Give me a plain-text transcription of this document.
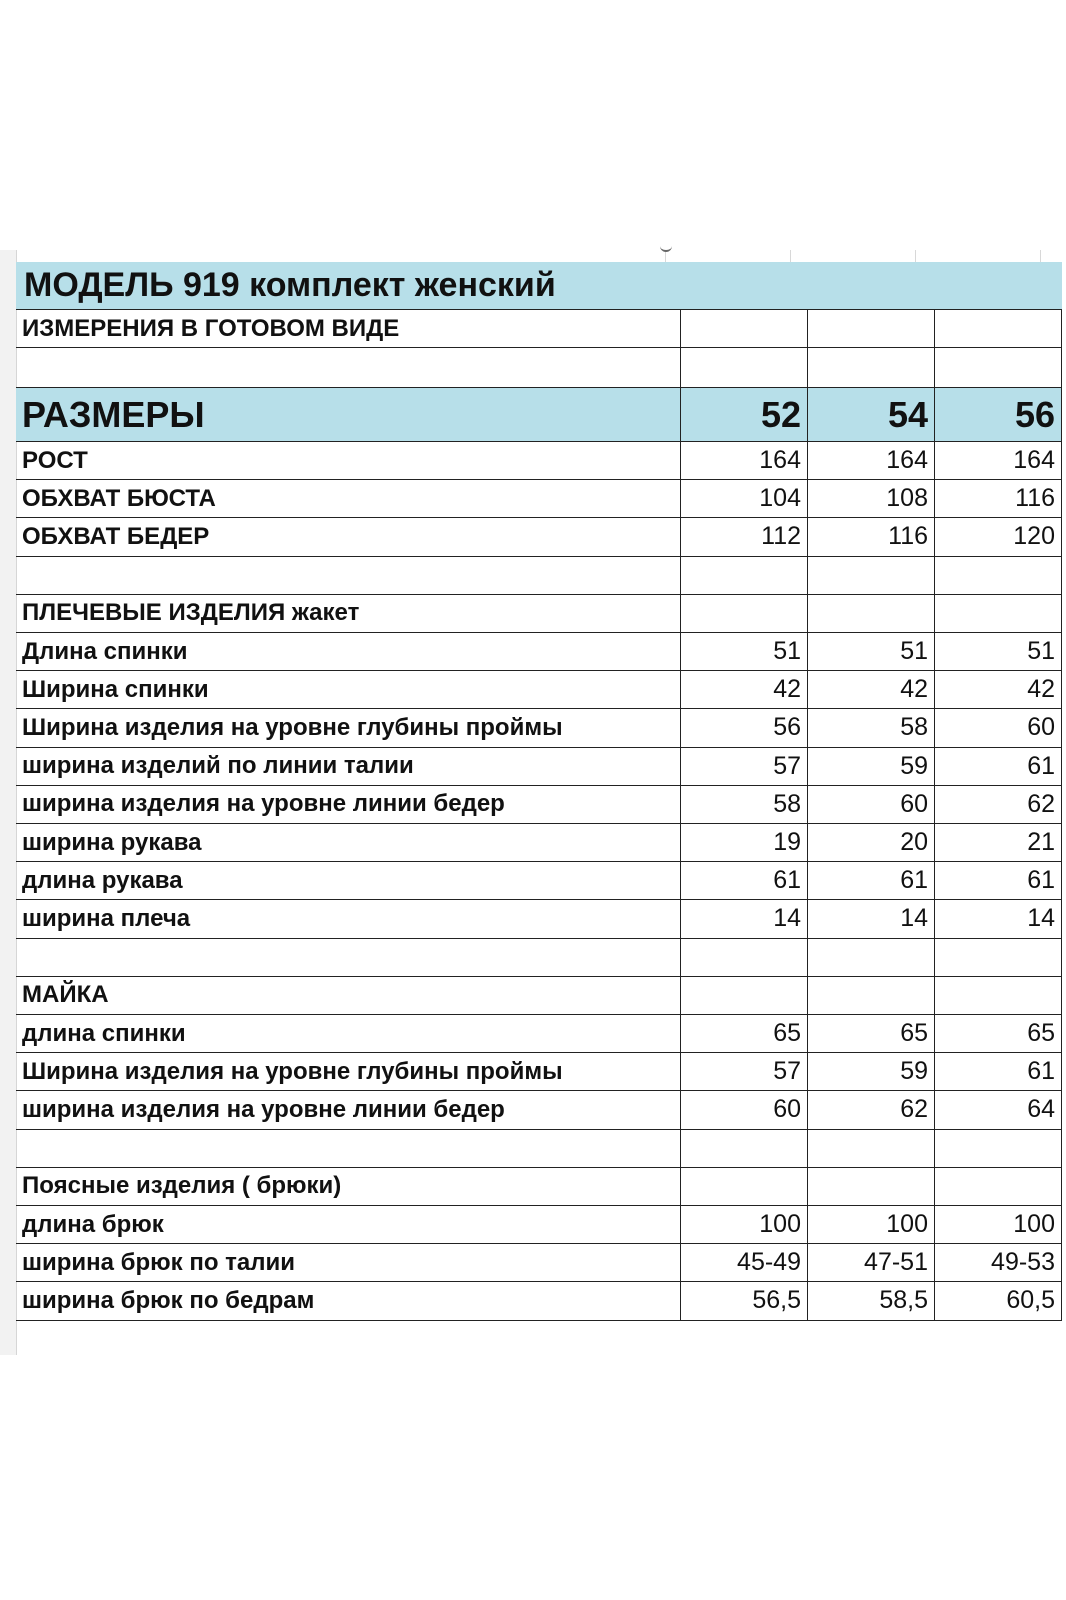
МОДЕЛЬ 919 комплект женский
ИЗМЕРЕНИЯ В ГОТОВОМ ВИДЕ
РАЗМЕРЫ	52	54	56
РОСТ	164	164	164
ОБХВАТ БЮСТА	104	108	116
ОБХВАТ БЕДЕР	112	116	120
ПЛЕЧЕВЫЕ ИЗДЕЛИЯ жакет
Длина спинки	51	51	51
Ширина спинки	42	42	42
Ширина изделия на уровне глубины проймы	56	58	60
ширина изделий по линии талии	57	59	61
ширина изделия на уровне линии бедер	58	60	62
ширина рукава	19	20	21
длина рукава	61	61	61
ширина плеча	14	14	14
МАЙКА
длина спинки	65	65	65
Ширина изделия на уровне глубины проймы	57	59	61
ширина изделия на уровне линии бедер	60	62	64
Поясные изделия ( брюки)
длина брюк	100	100	100
ширина брюк по талии	45-49	47-51	49-53
ширина брюк по бедрам	56,5	58,5	60,5
